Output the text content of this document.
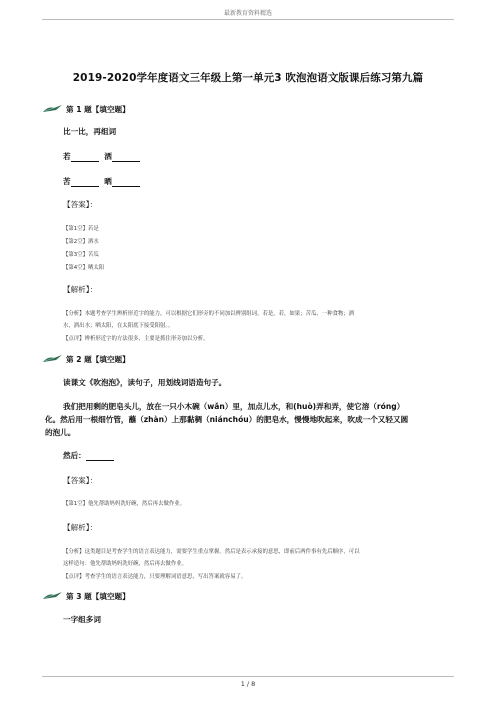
最新教育资料精选
2019-2020学年度语文三年级上第一单元3 吹泡泡语文版课后练习第九篇
第 1 题【填空题】
比一比，再组词
若	洒
苦	晒
【答案】：
【第1空】若是
【第2空】洒水
【第3空】苦瓜
【第4空】晒太阳
【解析】：
【分析】本题考查学生辨析形近字的能力，可以根据它们形旁的不同加以辨别组词。若是，若，如果；苦瓜，一种食物；洒
水，洒出水；晒太阳，在太阳底下接受阳射。。
【点评】辨析形近字的方法很多，主要是抓住形旁加以分析。
第 2 题【填空题】
读课文《吹泡泡》，读句子，用划线词语造句子。
我们把用剩的肥皂头儿，放在一只小木碗（wǎn）里，加点儿水，和(huò)弄和弄，使它溶（róng）
化。然后用一根细竹管，蘸（zhàn）上那黏稠（niánchóu）的肥皂水，慢慢地吹起来，吹成一个又轻又圆
的泡儿。
然后：
【答案】：
【第1空】他先帮助妈妈洗好碗，然后再去做作业。
【解析】：
【分析】这类题目是考查学生的语言表达能力，需要学生重点掌握。然后是表示承接的意思，即前后两件事有先后顺序，可以
这样造句：他先帮助妈妈洗好碗，然后再去做作业。
【点评】考查学生的语言表达能力，只要理解词语意思，写出答案就容易了。
第 3 题【填空题】
一字组多词
1 / 8
